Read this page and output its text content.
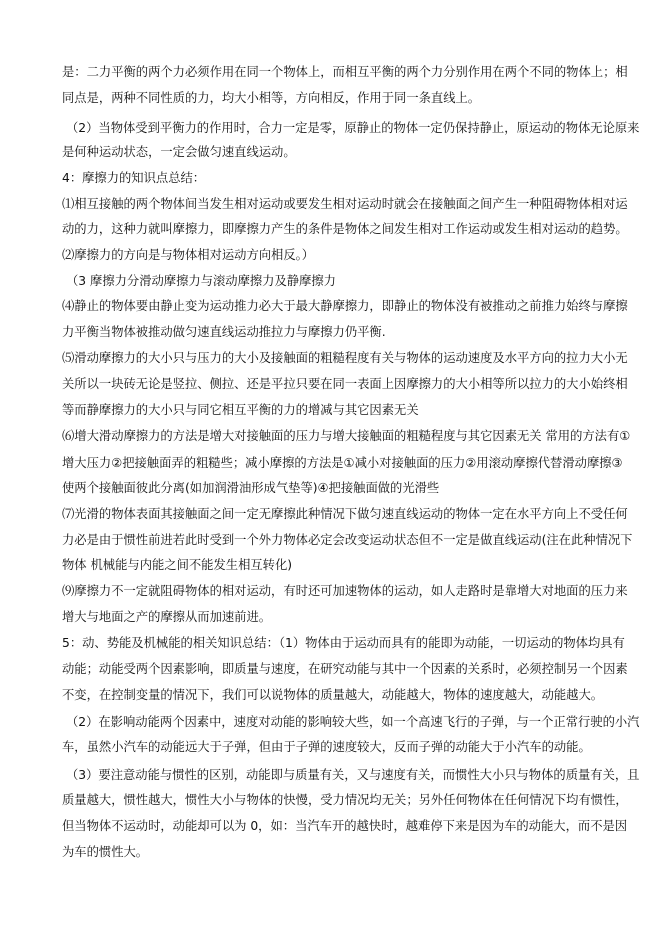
是：二力平衡的两个力必须作用在同一个物体上，而相互平衡的两个力分别作用在两个不同的物体上；相
同点是，两种不同性质的力，均大小相等，方向相反，作用于同一条直线上。
（2）当物体受到平衡力的作用时，合力一定是零，原静止的物体一定仍保持静止，原运动的物体无论原来
是何种运动状态，一定会做匀速直线运动。
4：摩擦力的知识点总结：
⑴相互接触的两个物体间当发生相对运动或要发生相对运动时就会在接触面之间产生一种阻碍物体相对运
动的力，这种力就叫摩擦力，即摩擦力产生的条件是物体之间发生相对工作运动或发生相对运动的趋势。
⑵摩擦力的方向是与物体相对运动方向相反。）
（3 摩擦力分滑动摩擦力与滚动摩擦力及静摩擦力
⑷静止的物体要由静止变为运动推力必大于最大静摩擦力，即静止的物体没有被推动之前推力始终与摩擦
力平衡当物体被推动做匀速直线运动推拉力与摩擦力仍平衡.
⑸滑动摩擦力的大小只与压力的大小及接触面的粗糙程度有关与物体的运动速度及水平方向的拉力大小无
关所以一块砖无论是竖拉、侧拉、还是平拉只要在同一表面上因摩擦力的大小相等所以拉力的大小始终相
等而静摩擦力的大小只与同它相互平衡的力的增减与其它因素无关
⑹增大滑动摩擦力的方法是增大对接触面的压力与增大接触面的粗糙程度与其它因素无关 常用的方法有①
增大压力②把接触面弄的粗糙些；减小摩擦的方法是①减小对接触面的压力②用滚动摩擦代替滑动摩擦③
使两个接触面彼此分离(如加润滑油形成气垫等)④把接触面做的光滑些
⑺光滑的物体表面其接触面之间一定无摩擦此种情况下做匀速直线运动的物体一定在水平方向上不受任何
力必是由于惯性前进若此时受到一个外力物体必定会改变运动状态但不一定是做直线运动(注在此种情况下
物体 机械能与内能之间不能发生相互转化)
⑼摩擦力不一定就阻碍物体的相对运动，有时还可加速物体的运动，如人走路时是靠增大对地面的压力来
增大与地面之产的摩擦从而加速前进。
5：动、势能及机械能的相关知识总结：（1）物体由于运动而具有的能即为动能，一切运动的物体均具有
动能；动能受两个因素影响，即质量与速度，在研究动能与其中一个因素的关系时，必须控制另一个因素
不变，在控制变量的情况下，我们可以说物体的质量越大，动能越大，物体的速度越大，动能越大。
（2）在影响动能两个因素中，速度对动能的影响较大些，如一个高速飞行的子弹，与一个正常行驶的小汽
车，虽然小汽车的动能远大于子弹，但由于子弹的速度较大，反而子弹的动能大于小汽车的动能。
（3）要注意动能与惯性的区别，动能即与质量有关，又与速度有关，而惯性大小只与物体的质量有关，且
质量越大，惯性越大，惯性大小与物体的快慢，受力情况均无关；另外任何物体在任何情况下均有惯性，
但当物体不运动时，动能却可以为 0，如：当汽车开的越快时，越难停下来是因为车的动能大，而不是因
为车的惯性大。
